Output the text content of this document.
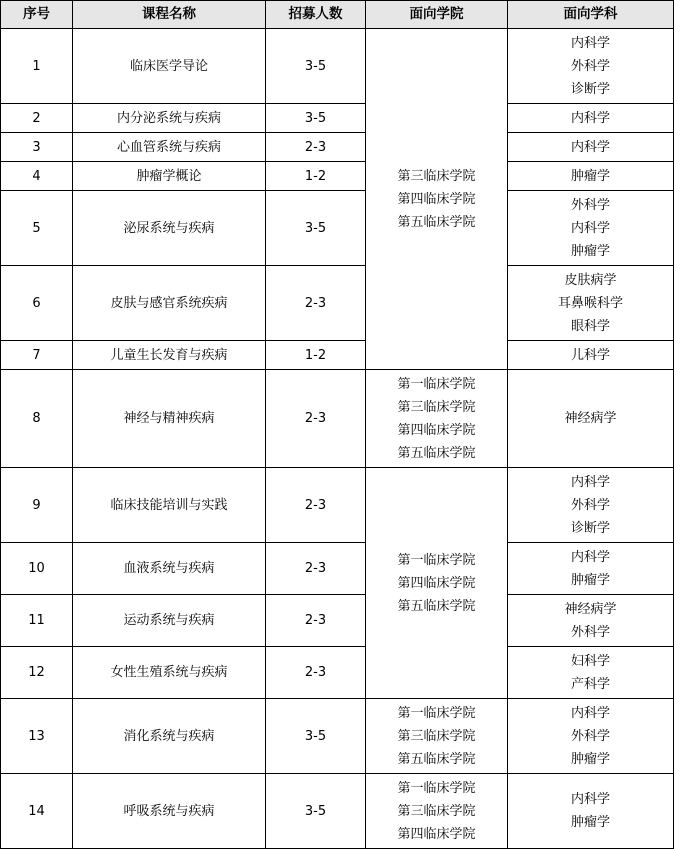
序号	课程名称	招募人数	面向学院	面向学科
1	临床医学导论	3-5	第三临床学院
第四临床学院
第五临床学院	内科学
外科学
诊断学

2	内分泌系统与疾病	3-5		内科学

3	心血管系统与疾病	2-3		内科学

4	肿瘤学概论	1-2		肿瘤学

5	泌尿系统与疾病	3-5		外科学
内科学
肿瘤学

6	皮肤与感官系统疾病	2-3		皮肤病学
耳鼻喉科学
眼科学

7	儿童生长发育与疾病	1-2		儿科学

8	神经与精神疾病	2-3	第一临床学院
第三临床学院
第四临床学院
第五临床学院	神经病学

9	临床技能培训与实践	2-3	第一临床学院
第四临床学院
第五临床学院	内科学
外科学
诊断学

10	血液系统与疾病	2-3		内科学
肿瘤学

11	运动系统与疾病	2-3		神经病学
外科学

12	女性生殖系统与疾病	2-3		妇科学
产科学

13	消化系统与疾病	3-5	第一临床学院
第三临床学院
第五临床学院	内科学
外科学
肿瘤学

14	呼吸系统与疾病	3-5	第一临床学院
第三临床学院
第四临床学院	内科学
肿瘤学
